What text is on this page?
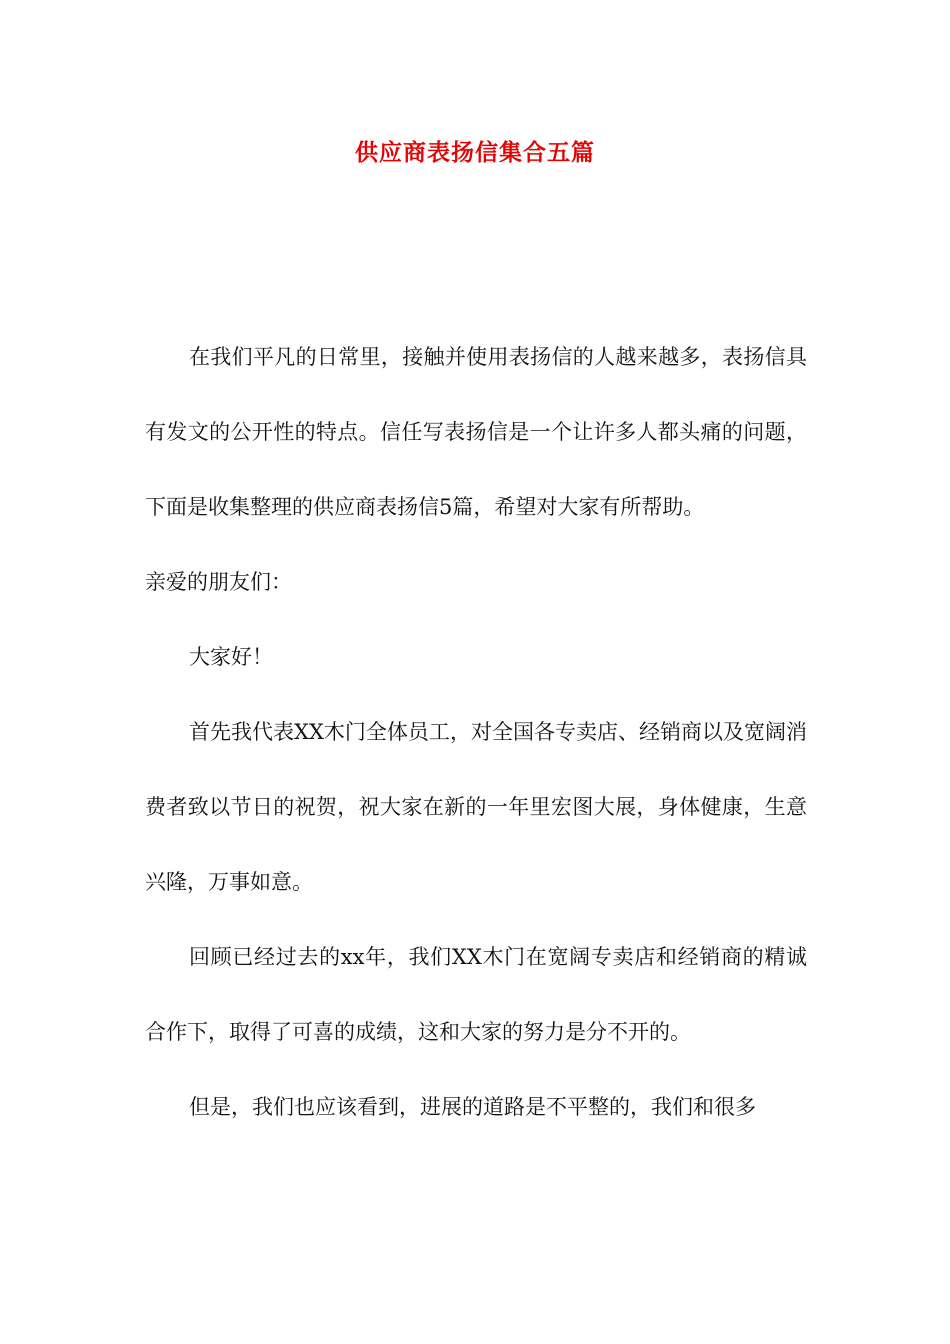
供应商表扬信集合五篇

在我们平凡的日常里，接触并使用表扬信的人越来越多，表扬信具有发文的公开性的特点。信任写表扬信是一个让许多人都头痛的问题，下面是收集整理的供应商表扬信5篇，希望对大家有所帮助。

亲爱的朋友们：

大家好！

首先我代表XX木门全体员工，对全国各专卖店、经销商以及宽阔消费者致以节日的祝贺，祝大家在新的一年里宏图大展，身体健康，生意兴隆，万事如意。

回顾已经过去的xx年，我们XX木门在宽阔专卖店和经销商的精诚合作下，取得了可喜的成绩，这和大家的努力是分不开的。

但是，我们也应该看到，进展的道路是不平整的，我们和很多
